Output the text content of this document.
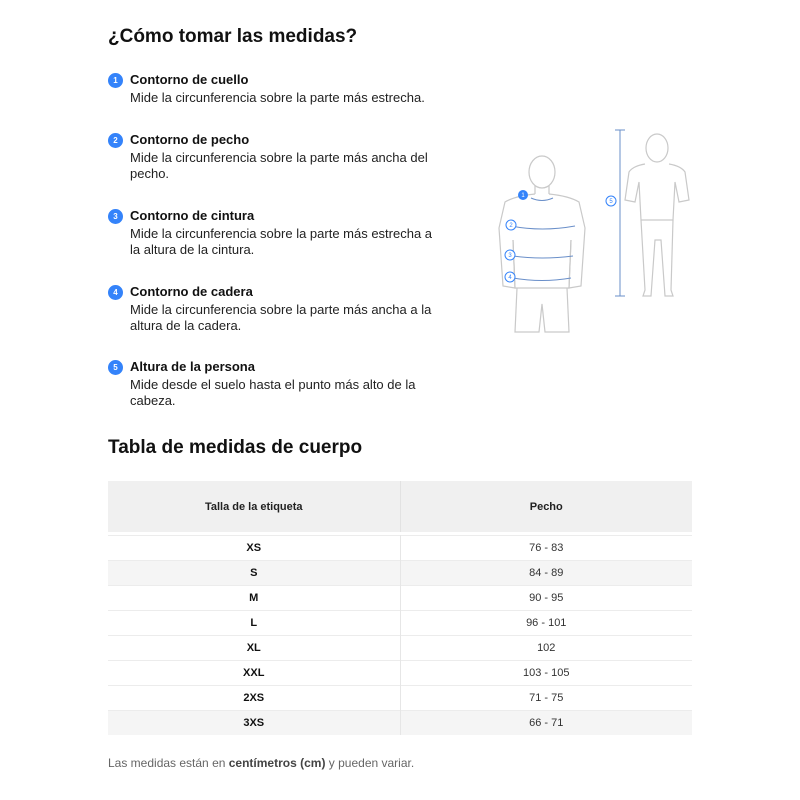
¿Cómo tomar las medidas?
1 Contorno de cuello
Mide la circunferencia sobre la parte más estrecha.
2 Contorno de pecho
Mide la circunferencia sobre la parte más ancha del pecho.
3 Contorno de cintura
Mide la circunferencia sobre la parte más estrecha a la altura de la cintura.
4 Contorno de cadera
Mide la circunferencia sobre la parte más ancha a la altura de la cadera.
5 Altura de la persona
Mide desde el suelo hasta el punto más alto de la cabeza.
1
2
3
4
5
Tabla de medidas de cuerpo
Talla de la etiqueta	Pecho

XS	76 - 83
S	84 - 89
M	90 - 95
L	96 - 101
XL	102
XXL	103 - 105
2XS	71 - 75
3XS	66 - 71
Las medidas están en centímetros (cm) y pueden variar.
